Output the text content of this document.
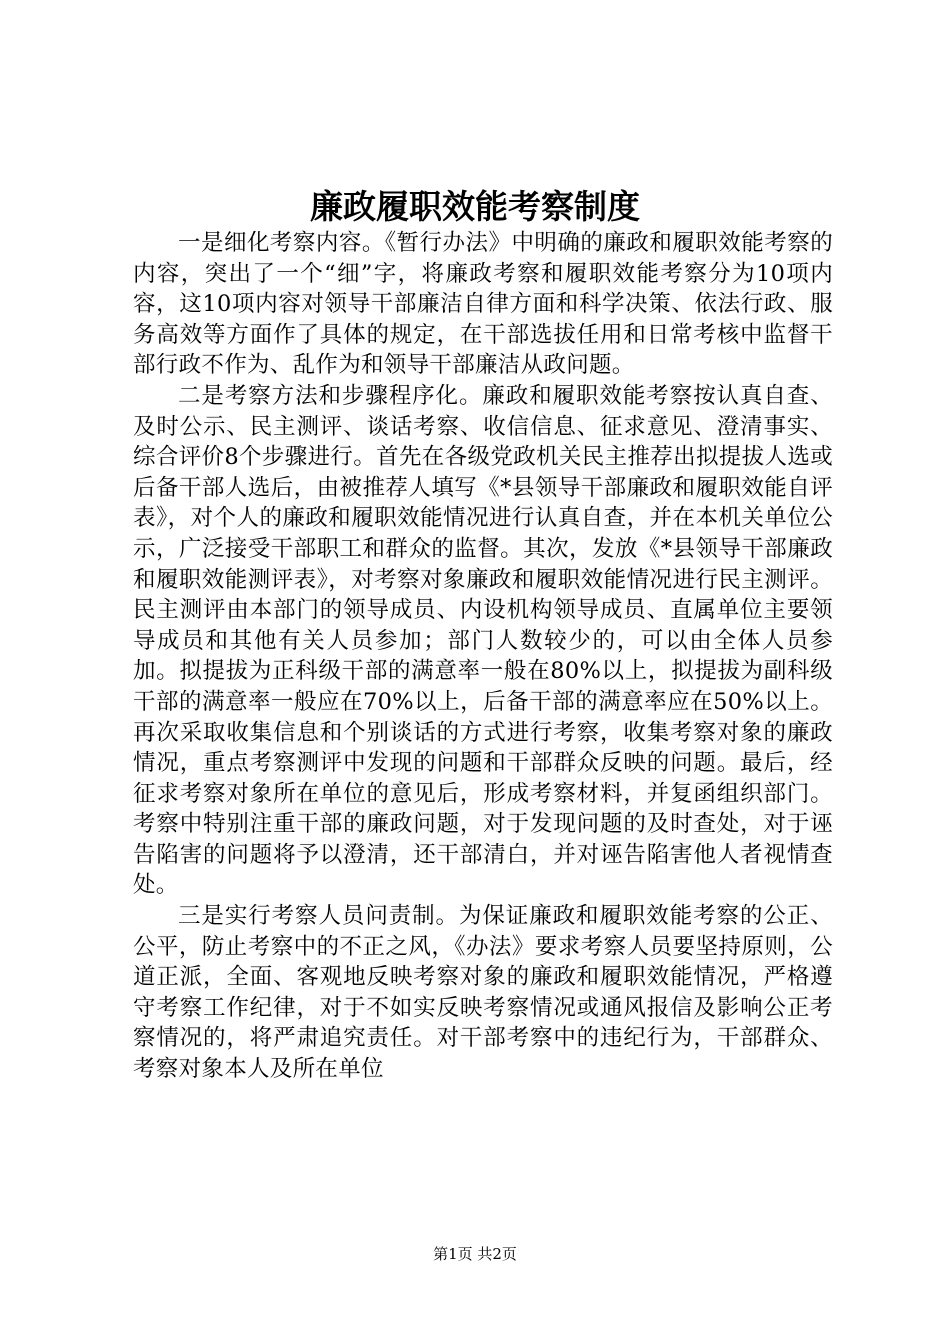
廉政履职效能考察制度

一是细化考察内容。《暂行办法》中明确的廉政和履职效能考察的内容，突出了一个“细”字，将廉政考察和履职效能考察分为10项内容，这10项内容对领导干部廉洁自律方面和科学决策、依法行政、服务高效等方面作了具体的规定，在干部选拔任用和日常考核中监督干部行政不作为、乱作为和领导干部廉洁从政问题。

二是考察方法和步骤程序化。廉政和履职效能考察按认真自查、及时公示、民主测评、谈话考察、收信信息、征求意见、澄清事实、综合评价8个步骤进行。首先在各级党政机关民主推荐出拟提拔人选或后备干部人选后，由被推荐人填写《*县领导干部廉政和履职效能自评表》，对个人的廉政和履职效能情况进行认真自查，并在本机关单位公示，广泛接受干部职工和群众的监督。其次，发放《*县领导干部廉政和履职效能测评表》，对考察对象廉政和履职效能情况进行民主测评。民主测评由本部门的领导成员、内设机构领导成员、直属单位主要领导成员和其他有关人员参加；部门人数较少的，可以由全体人员参加。拟提拔为正科级干部的满意率一般在80%以上，拟提拔为副科级干部的满意率一般应在70%以上，后备干部的满意率应在50%以上。再次采取收集信息和个别谈话的方式进行考察，收集考察对象的廉政情况，重点考察测评中发现的问题和干部群众反映的问题。最后，经征求考察对象所在单位的意见后，形成考察材料，并复函组织部门。考察中特别注重干部的廉政问题，对于发现问题的及时查处，对于诬告陷害的问题将予以澄清，还干部清白，并对诬告陷害他人者视情查处。

三是实行考察人员问责制。为保证廉政和履职效能考察的公正、公平，防止考察中的不正之风，《办法》要求考察人员要坚持原则，公道正派，全面、客观地反映考察对象的廉政和履职效能情况，严格遵守考察工作纪律，对于不如实反映考察情况或通风报信及影响公正考察情况的，将严肃追究责任。对干部考察中的违纪行为，干部群众、考察对象本人及所在单位

第1页 共2页
